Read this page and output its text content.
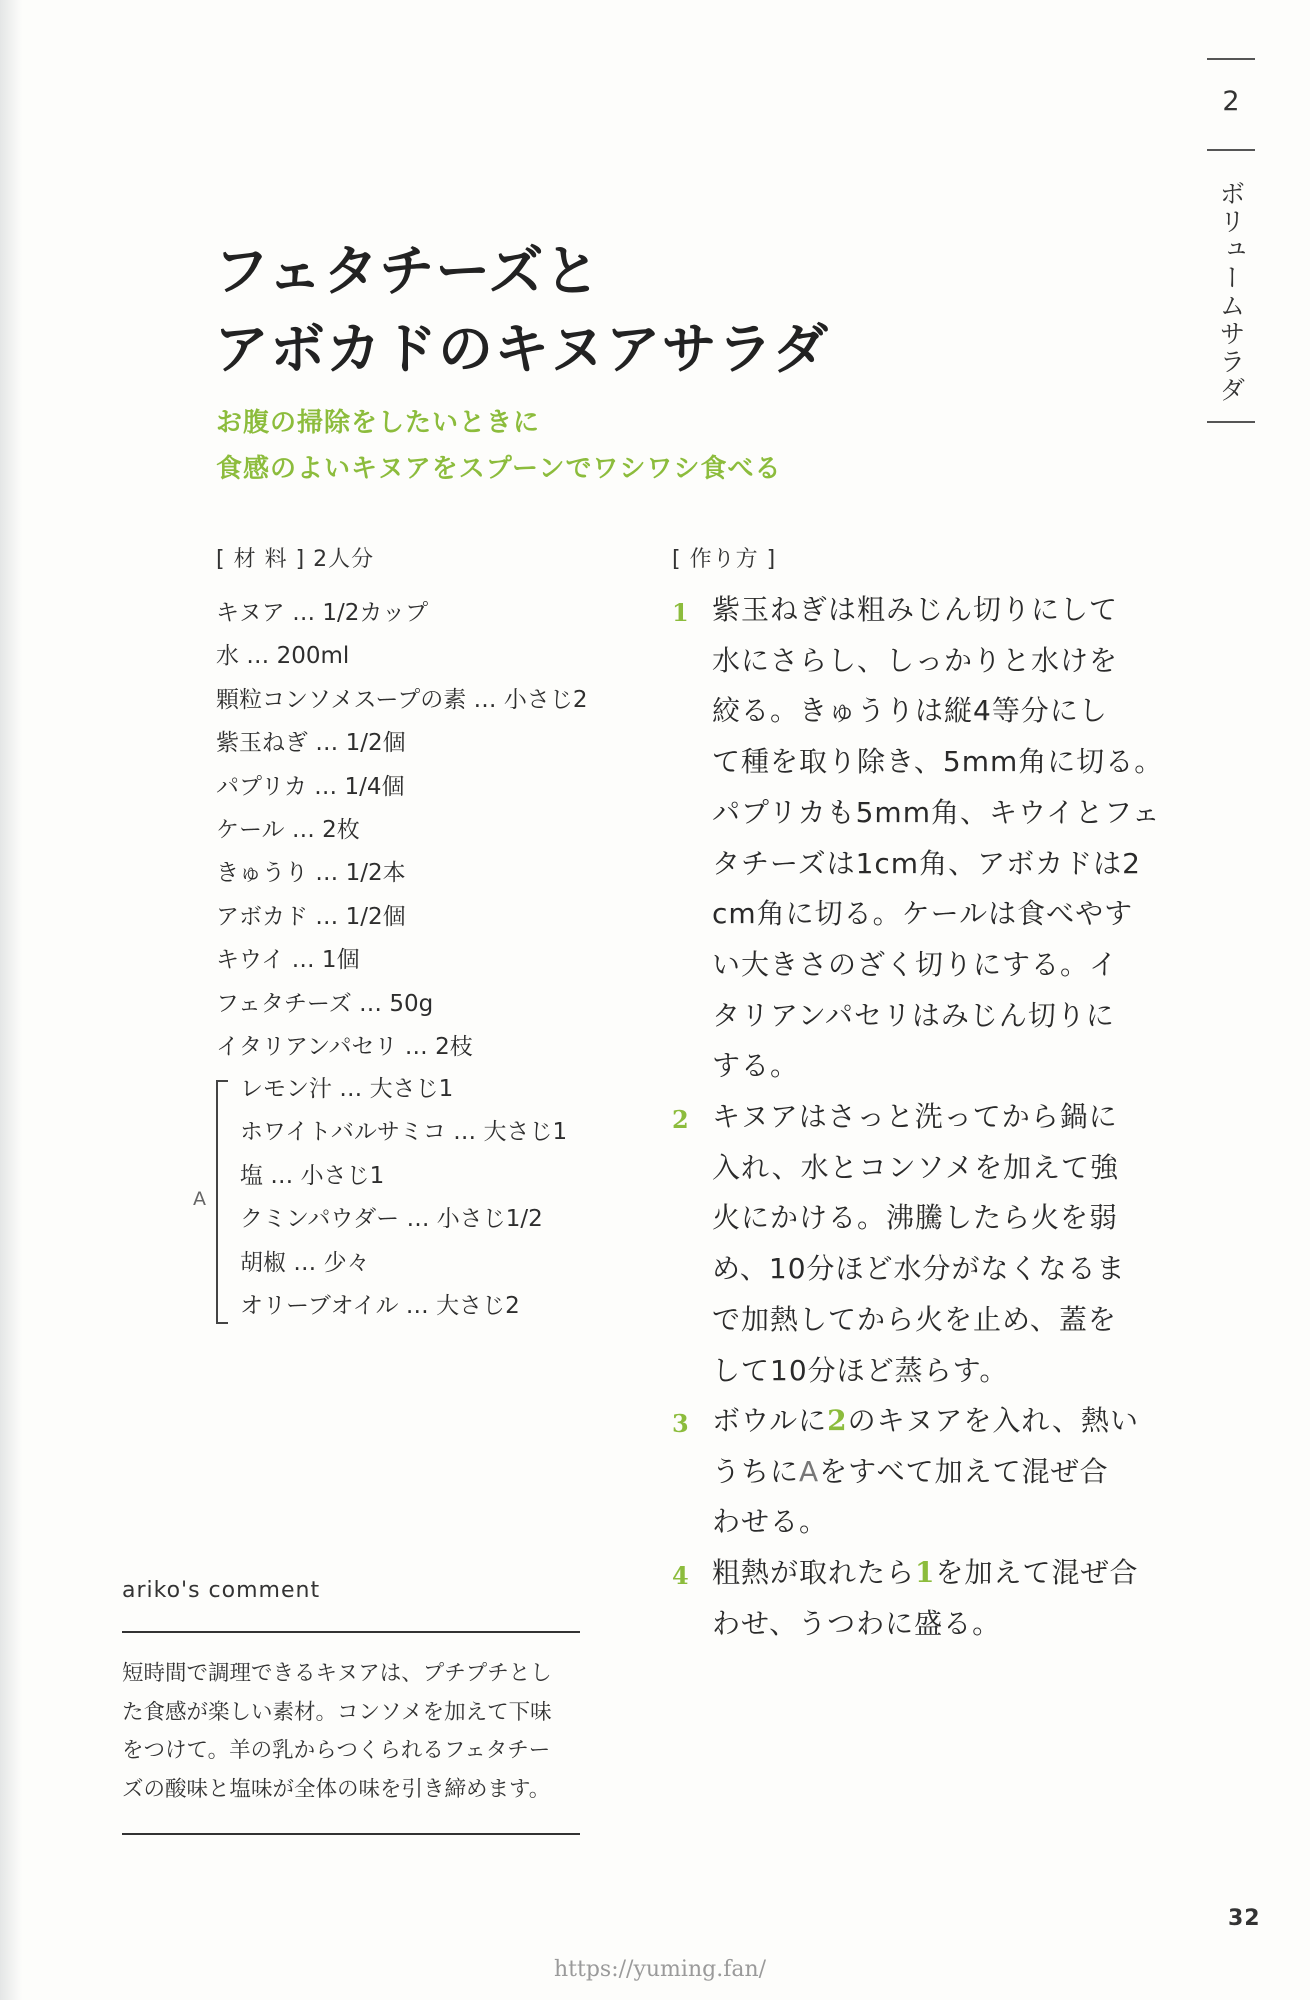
2
ボリュームサラダ
フェタチーズと
アボカドのキヌアサラダ
お腹の掃除をしたいときに
食感のよいキヌアをスプーンでワシワシ食べる
[ 材 料 ] 2人分
キヌア … 1/2カップ
水 … 200ml
顆粒コンソメスープの素 … 小さじ2
紫玉ねぎ … 1/2個
パプリカ … 1/4個
ケール … 2枚
きゅうり … 1/2本
アボカド … 1/2個
キウイ … 1個
フェタチーズ … 50g
イタリアンパセリ … 2枝
A
レモン汁 … 大さじ1
ホワイトバルサミコ … 大さじ1
塩 … 小さじ1
クミンパウダー … 小さじ1/2
胡椒 … 少々
オリーブオイル … 大さじ2
[ 作り方 ]
1 紫玉ねぎは粗みじん切りにして
水にさらし、しっかりと水けを
絞る。きゅうりは縦4等分にし
て種を取り除き、5mm角に切る。
パプリカも5mm角、キウイとフェ
タチーズは1cm角、アボカドは2
cm角に切る。ケールは食べやす
い大きさのざく切りにする。イ
タリアンパセリはみじん切りに
する。
2 キヌアはさっと洗ってから鍋に
入れ、水とコンソメを加えて強
火にかける。沸騰したら火を弱
め、10分ほど水分がなくなるま
で加熱してから火を止め、蓋を
して10分ほど蒸らす。
3 ボウルに2のキヌアを入れ、熱い
うちにAをすべて加えて混ぜ合
わせる。
4 粗熱が取れたら1を加えて混ぜ合
わせ、うつわに盛る。
ariko's comment
短時間で調理できるキヌアは、プチプチとし
た食感が楽しい素材。コンソメを加えて下味
をつけて。羊の乳からつくられるフェタチー
ズの酸味と塩味が全体の味を引き締めます。
32
https://yuming.fan/
